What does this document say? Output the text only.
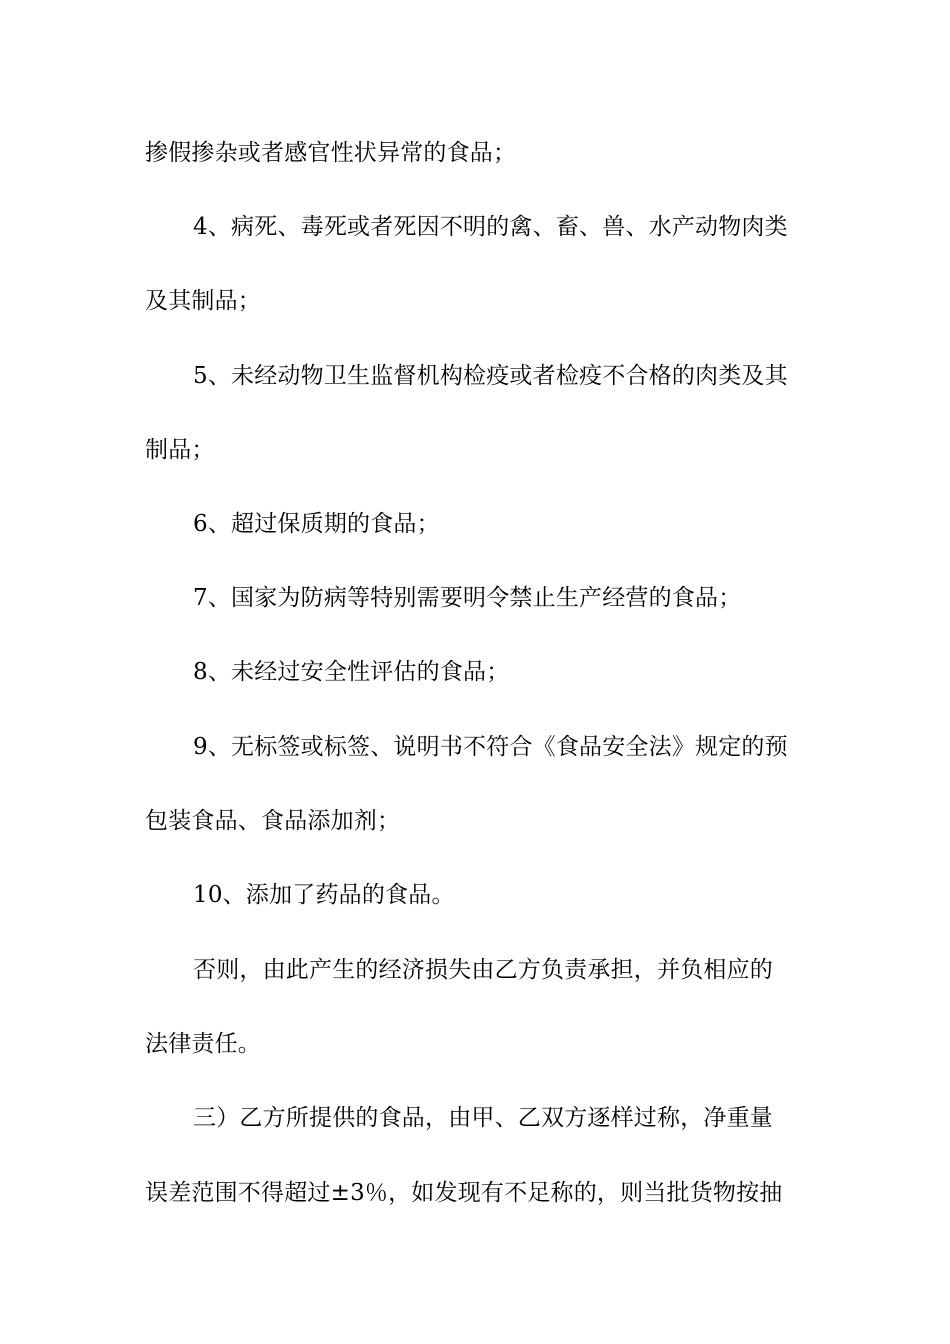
掺假掺杂或者感官性状异常的食品；
4、病死、毒死或者死因不明的禽、畜、兽、水产动物肉类
及其制品；
5、未经动物卫生监督机构检疫或者检疫不合格的肉类及其
制品；
6、超过保质期的食品；
7、国家为防病等特别需要明令禁止生产经营的食品；
8、未经过安全性评估的食品；
9、无标签或标签、说明书不符合《食品安全法》规定的预
包装食品、食品添加剂；
10、添加了药品的食品。
否则，由此产生的经济损失由乙方负责承担，并负相应的
法律责任。
三）乙方所提供的食品，由甲、乙双方逐样过称，净重量
误差范围不得超过±3％，如发现有不足称的，则当批货物按抽
